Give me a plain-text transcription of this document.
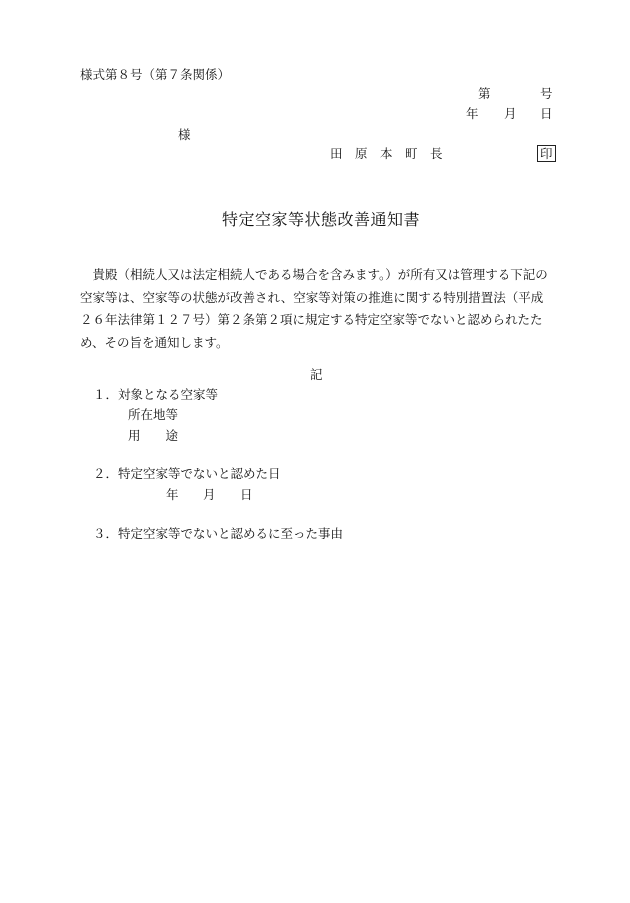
様式第８号（第７条関係）
第	号
年 月 日
様
田　原　本　町　長	印
特定空家等状態改善通知書
貴殿（相続人又は法定相続人である場合を含みます。）が所有又は管理する下記の空家等は、空家等の状態が改善され、空家等対策の推進に関する特別措置法（平成２６年法律第１２７号）第２条第２項に規定する特定空家等でないと認められたため、その旨を通知します。
記
１．対象となる空家等
所在地等
用　　途
２．特定空家等でないと認めた日
年 月 日
３．特定空家等でないと認めるに至った事由
